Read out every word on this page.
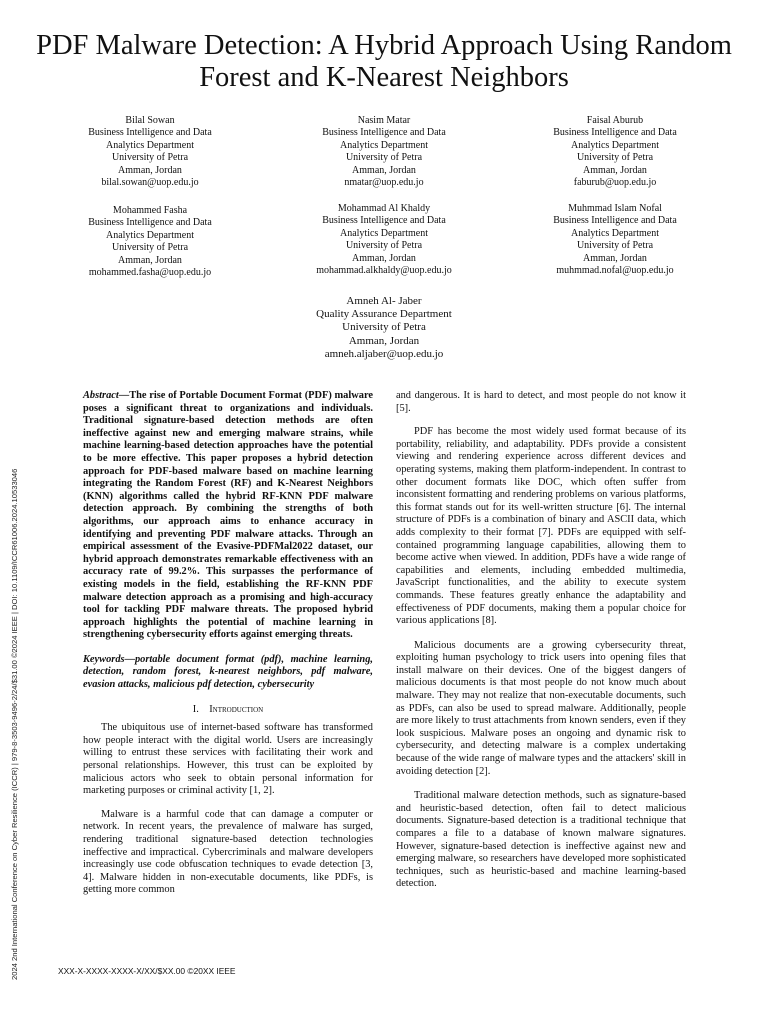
PDF Malware Detection: A Hybrid Approach Using Random Forest and K-Nearest Neighbors
Bilal Sowan
Business Intelligence and Data
Analytics Department
University of Petra
Amman, Jordan
bilal.sowan@uop.edu.jo
Nasim Matar
Business Intelligence and Data
Analytics Department
University of Petra
Amman, Jordan
nmatar@uop.edu.jo
Faisal Aburub
Business Intelligence and Data
Analytics Department
University of Petra
Amman, Jordan
faburub@uop.edu.jo
Mohammed Fasha
Business Intelligence and Data
Analytics Department
University of Petra
Amman, Jordan
mohammed.fasha@uop.edu.jo
Mohammad Al Khaldy
Business Intelligence and Data
Analytics Department
University of Petra
Amman, Jordan
mohammad.alkhaldy@uop.edu.jo
Muhmmad Islam Nofal
Business Intelligence and Data
Analytics Department
University of Petra
Amman, Jordan
muhmmad.nofal@uop.edu.jo
Amneh Al- Jaber
Quality Assurance Department
University of Petra
Amman, Jordan
amneh.aljaber@uop.edu.jo
2024 2nd International Conference on Cyber Resilience (ICCR) | 979-8-3503-9496-2/24/$31.00 ©2024 IEEE | DOI: 10.1109/ICCR61006.2024.10533046

Abstract—The rise of Portable Document Format (PDF) malware poses a significant threat to organizations and individuals. Traditional signature-based detection methods are often ineffective against new and emerging malware strains, while machine learning-based detection approaches have the potential to be more effective. This paper proposes a hybrid detection approach for PDF-based malware based on machine learning integrating the Random Forest (RF) and K-Nearest Neighbors (KNN) algorithms called the hybrid RF-KNN PDF malware detection approach. By combining the strengths of both algorithms, our approach aims to enhance accuracy in identifying and preventing PDF malware attacks. Through an empirical assessment of the Evasive-PDFMal2022 dataset, our hybrid approach demonstrates remarkable effectiveness with an accuracy rate of 99.2%. This surpasses the performance of existing models in the field, establishing the RF-KNN PDF malware detection approach as a promising and high-accuracy tool for tackling PDF malware threats. The proposed hybrid approach highlights the potential of machine learning in strengthening cybersecurity efforts against emerging threats.

Keywords—portable document format (pdf), machine learning, detection, random forest, k-nearest neighbors, pdf malware, evasion attacks, malicious pdf detection, cybersecurity

I. Introduction

The ubiquitous use of internet-based software has transformed how people interact with the digital world. Users are increasingly willing to entrust these services with facilitating their work and personal relationships. However, this trust can be exploited by malicious actors who seek to obtain personal information for marketing purposes or criminal activity [1, 2].

Malware is a harmful code that can damage a computer or network. In recent years, the prevalence of malware has surged, rendering traditional signature-based detection technologies ineffective and impractical. Cybercriminals and malware developers increasingly use code obfuscation techniques to evade detection [3, 4]. Malware hidden in non-executable documents, like PDFs, is getting more common

and dangerous. It is hard to detect, and most people do not know it [5].

PDF has become the most widely used format because of its portability, reliability, and adaptability. PDFs provide a consistent viewing and rendering experience across different devices and operating systems, making them platform-independent. In contrast to other document formats like DOC, which often suffer from inconsistent formatting and rendering problems on various platforms, this format stands out for its well-written structure [6]. The internal structure of PDFs is a combination of binary and ASCII data, which adds complexity to their format [7]. PDFs are equipped with self-contained programming language capabilities, allowing them to become active when viewed. In addition, PDFs have a wide range of capabilities and elements, including embedded multimedia, JavaScript functionalities, and the ability to execute system commands. These features greatly enhance the adaptability and effectiveness of PDF documents, making them a popular choice for various applications [8].

Malicious documents are a growing cybersecurity threat, exploiting human psychology to trick users into opening files that install malware on their devices. One of the biggest dangers of malicious documents is that most people do not know much about malware. They may not realize that non-executable documents, such as PDFs, can also be used to spread malware. Additionally, people are more likely to trust attachments from known senders, even if they look suspicious. Malware poses an ongoing and dynamic risk to cybersecurity, and detecting malware is a complex undertaking because of the wide range of malware types and the attackers' skill in avoiding detection [2].

Traditional malware detection methods, such as signature-based and heuristic-based detection, often fail to detect malicious documents. Signature-based detection is a traditional technique that compares a file to a database of known malware signatures. However, signature-based detection is ineffective against new and emerging malware, so researchers have developed more sophisticated techniques, such as heuristic-based and machine learning-based detection.

XXX-X-XXXX-XXXX-X/XX/$XX.00 ©20XX IEEE
